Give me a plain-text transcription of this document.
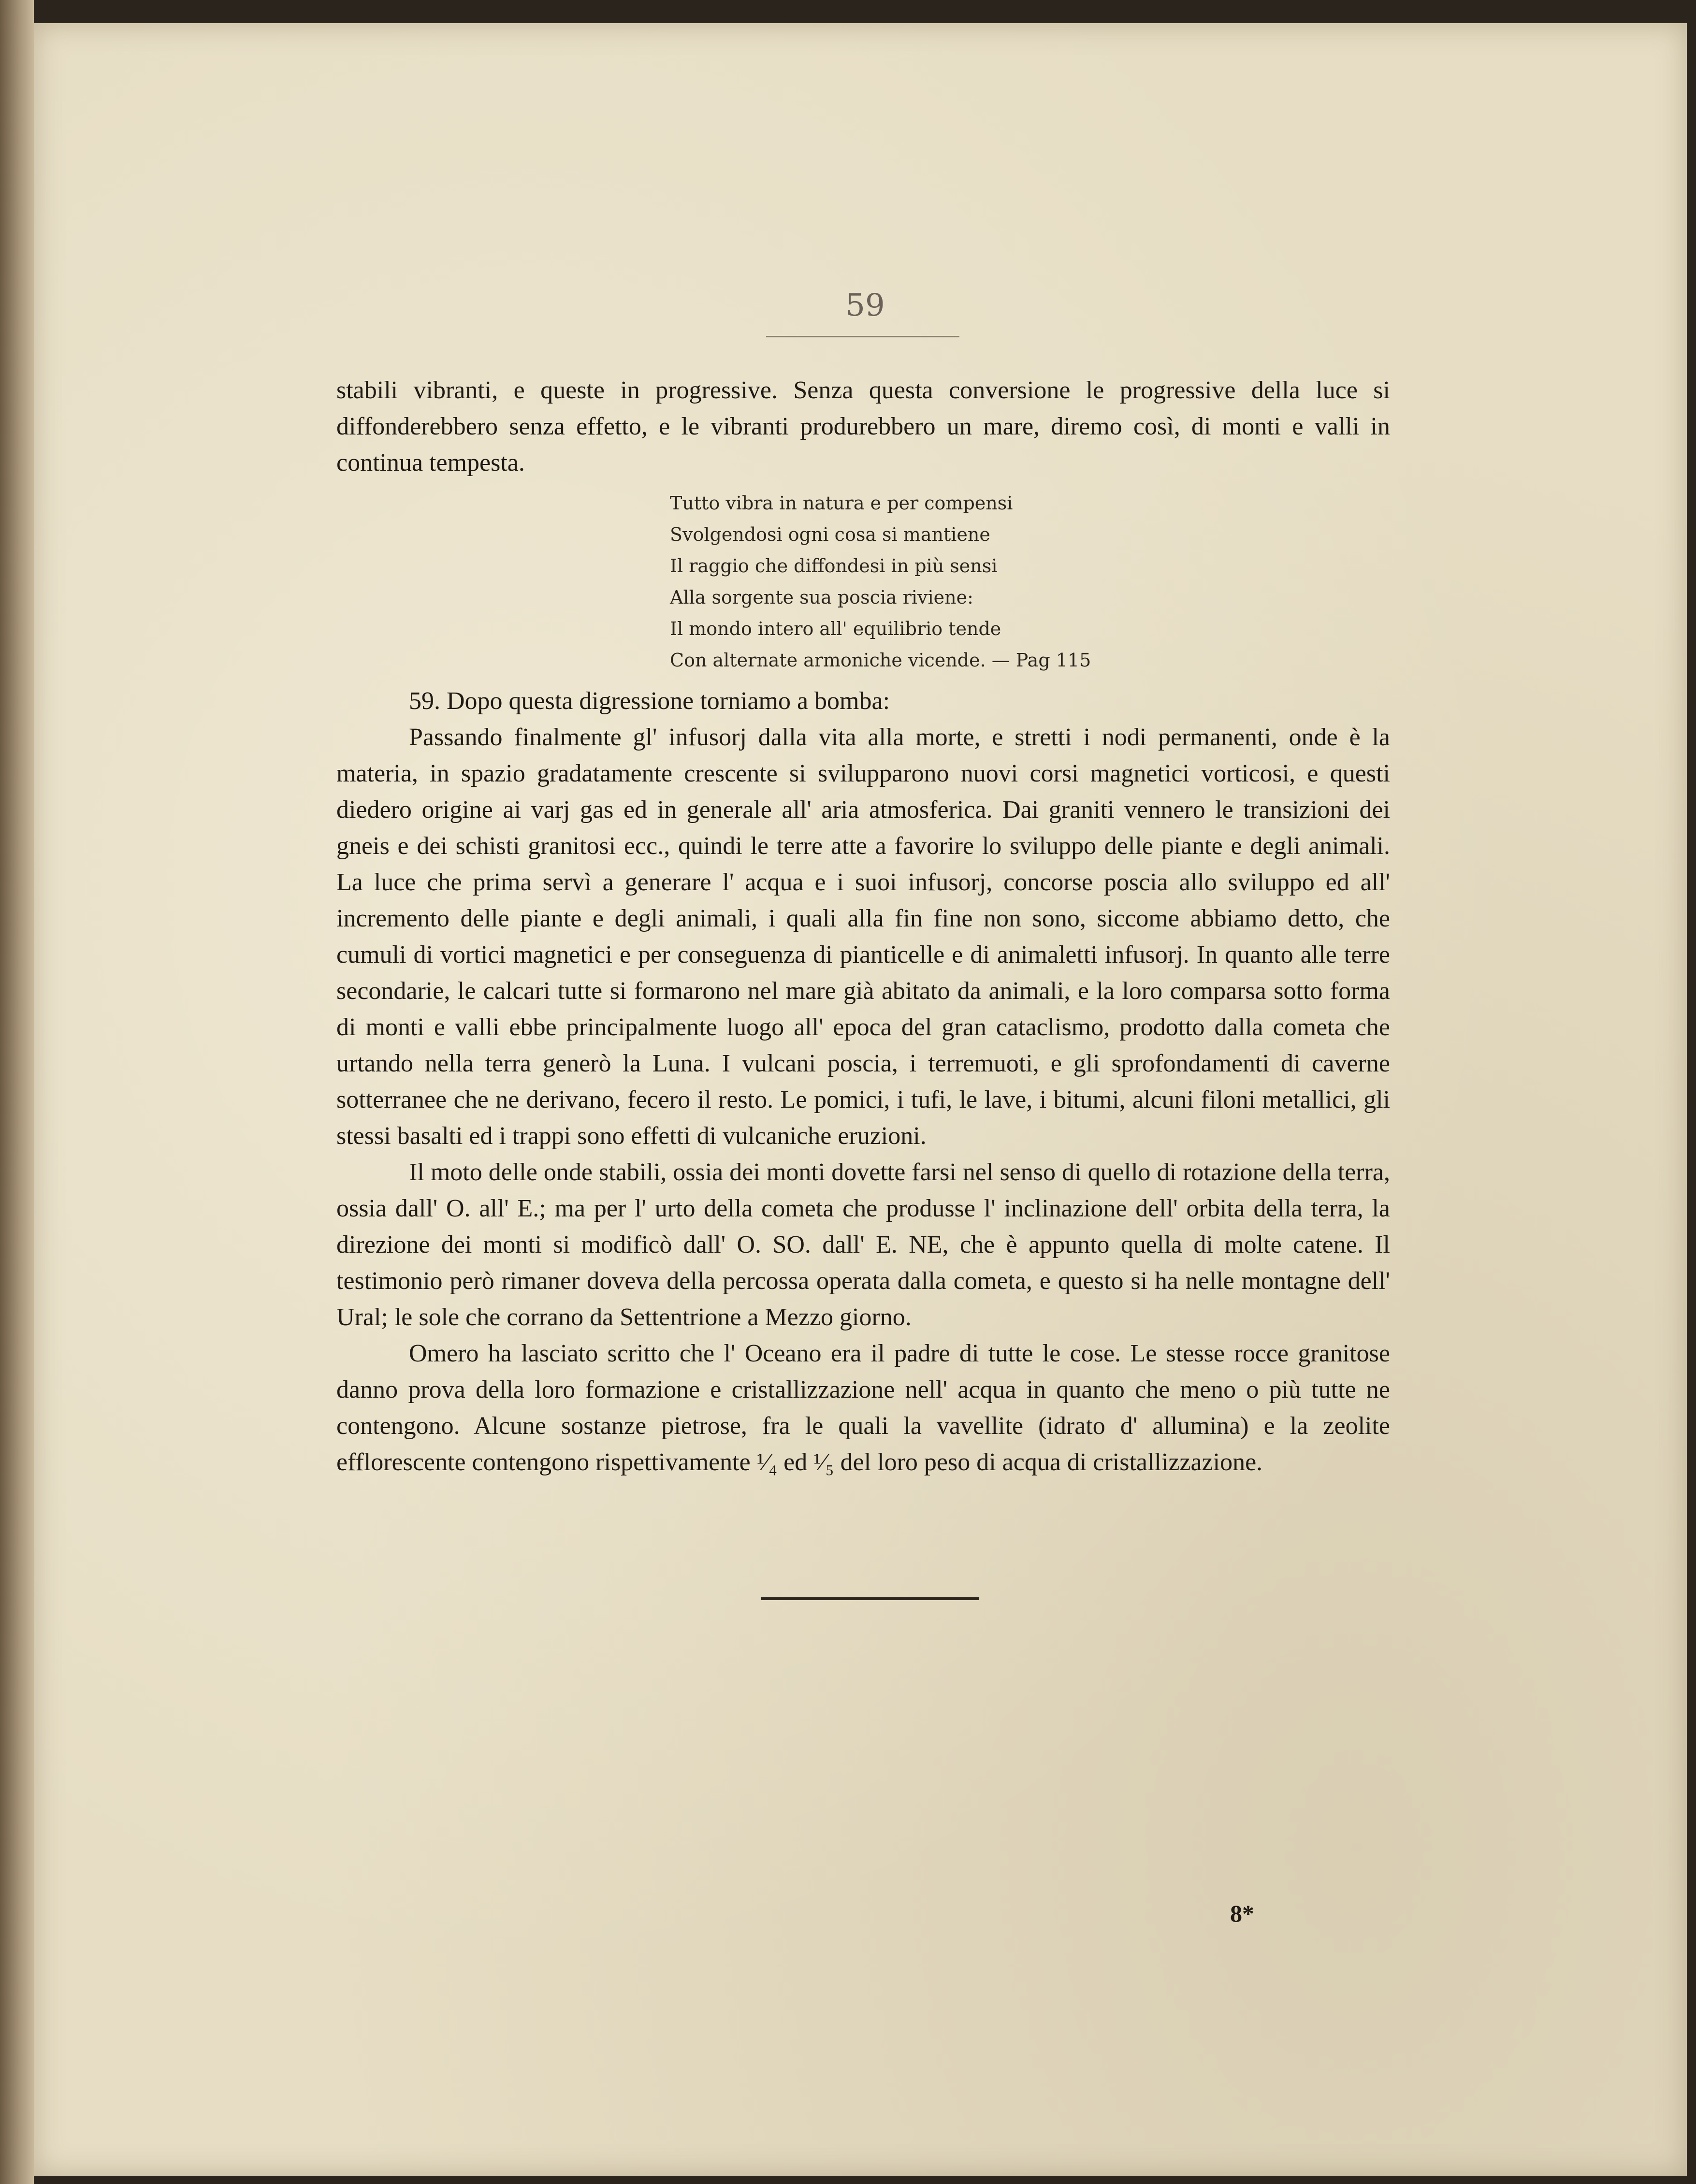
59

stabili vibranti, e queste in progressive. Senza questa conversione le progressive della luce si diffonderebbero senza effetto, e le vibranti produrebbero un mare, diremo così, di monti e valli in continua tempesta.

Tutto vibra in natura e per compensi
Svolgendosi ogni cosa si mantiene
Il raggio che diffondesi in più sensi
Alla sorgente sua poscia riviene:
Il mondo intero all' equilibrio tende
Con alternate armoniche vicende. — Pag 115

59. Dopo questa digressione torniamo a bomba:

Passando finalmente gl' infusorj dalla vita alla morte, e stretti i nodi permanenti, onde è la materia, in spazio gradatamente crescente si svilupparono nuovi corsi magnetici vorticosi, e questi diedero origine ai varj gas ed in generale all' aria atmosferica. Dai graniti vennero le transizioni dei gneis e dei schisti granitosi ecc., quindi le terre atte a favorire lo sviluppo delle piante e degli animali. La luce che prima servì a generare l' acqua e i suoi infusorj, concorse poscia allo sviluppo ed all' incremento delle piante e degli animali, i quali alla fin fine non sono, siccome abbiamo detto, che cumuli di vortici magnetici e per conseguenza di pianticelle e di animaletti infusorj. In quanto alle terre secondarie, le calcari tutte si formarono nel mare già abitato da animali, e la loro comparsa sotto forma di monti e valli ebbe principalmente luogo all' epoca del gran cataclismo, prodotto dalla cometa che urtando nella terra generò la Luna. I vulcani poscia, i terremuoti, e gli sprofondamenti di caverne sotterranee che ne derivano, fecero il resto. Le pomici, i tufi, le lave, i bitumi, alcuni filoni metallici, gli stessi basalti ed i trappi sono effetti di vulcaniche eruzioni.

Il moto delle onde stabili, ossia dei monti dovette farsi nel senso di quello di rotazione della terra, ossia dall' O. all' E.; ma per l' urto della cometa che produsse l' inclinazione dell' orbita della terra, la direzione dei monti si modificò dall' O. SO. dall' E. NE, che è appunto quella di molte catene. Il testimonio però rimaner doveva della percossa operata dalla cometa, e questo si ha nelle montagne dell' Ural; le sole che corrano da Settentrione a Mezzo giorno.

Omero ha lasciato scritto che l' Oceano era il padre di tutte le cose. Le stesse rocce granitose danno prova della loro formazione e cristallizzazione nell' acqua in quanto che meno o più tutte ne contengono. Alcune sostanze pietrose, fra le quali la vavellite (idrato d' allumina) e la zeolite efflorescente contengono rispettivamente ¹⁄₄ ed ¹⁄₅ del loro peso di acqua di cristallizzazione.

8*
